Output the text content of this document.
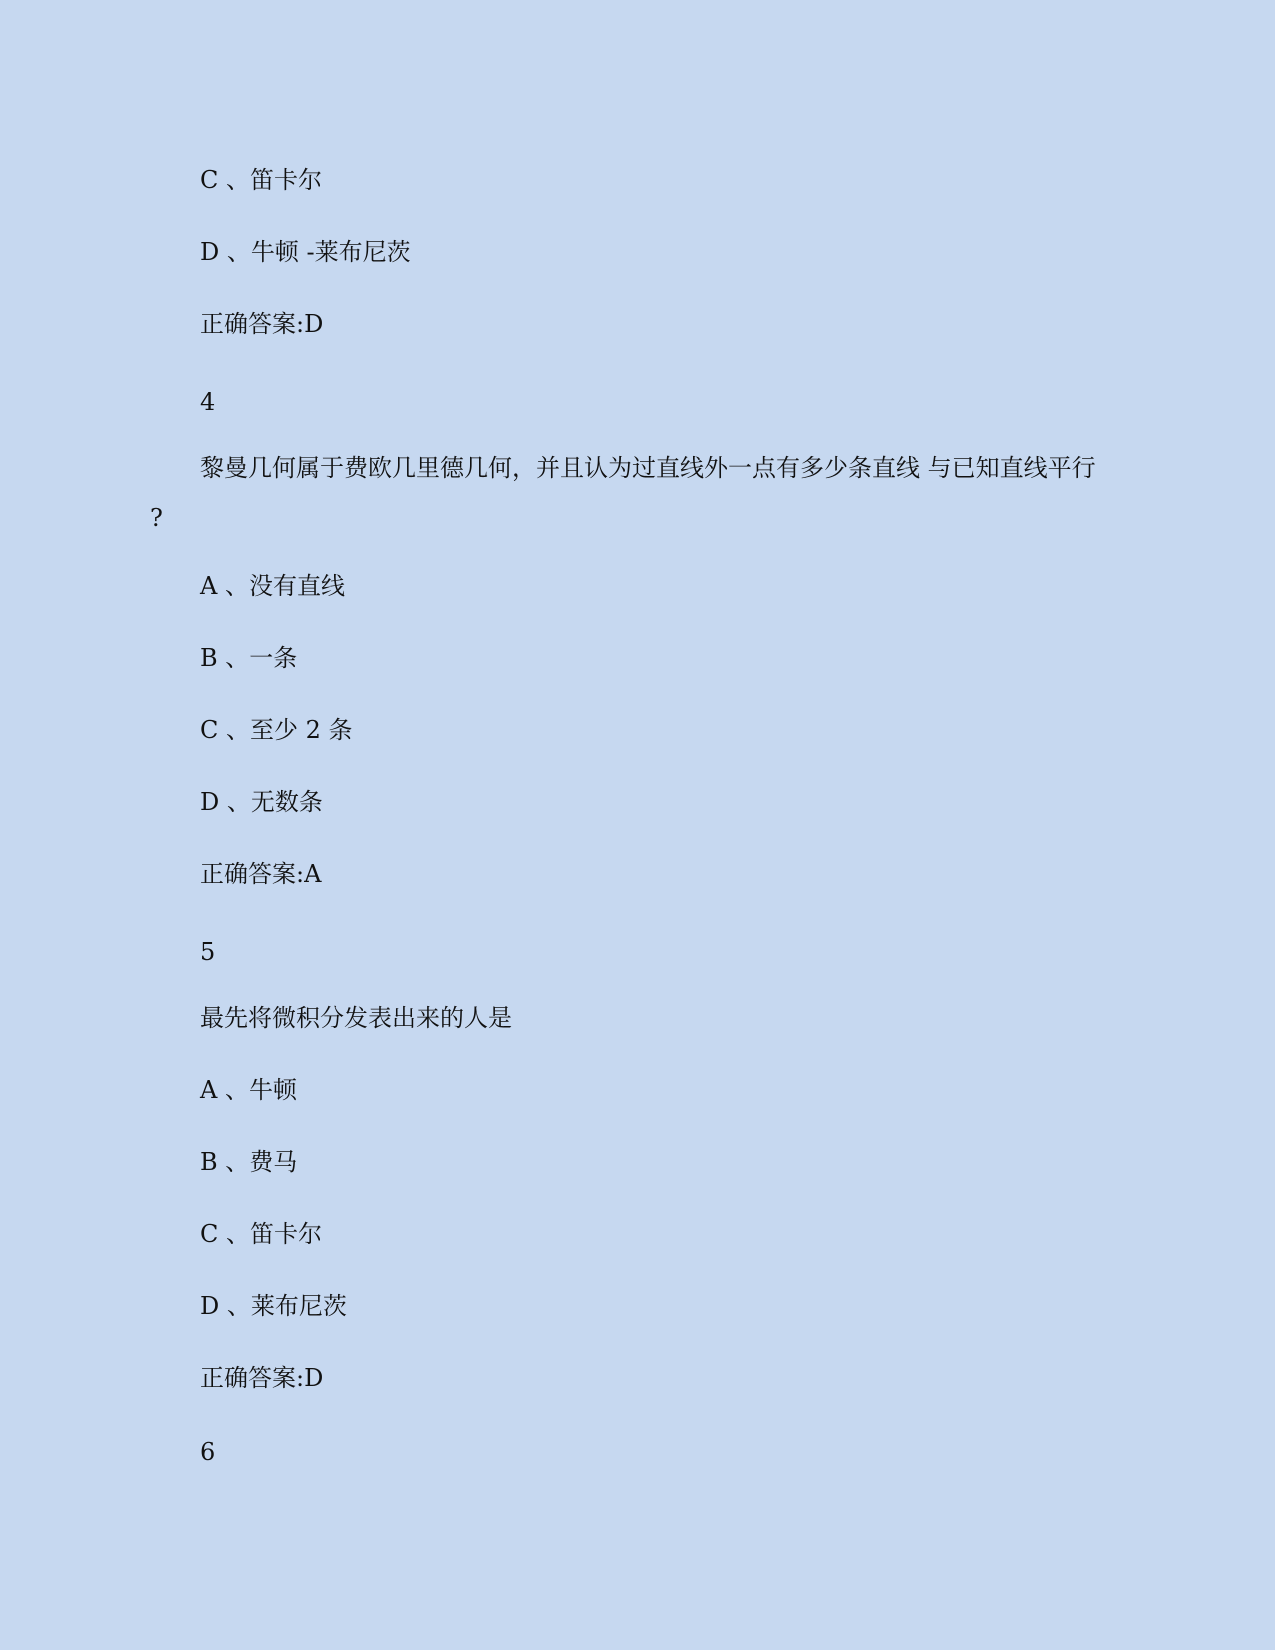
C 、笛卡尔
D 、牛顿 -莱布尼茨
正确答案:D
4
黎曼几何属于费欧几里德几何，并且认为过直线外一点有多少条直线 与已知直线平行
?
A 、没有直线
B 、一条
C 、至少 2 条
D 、无数条
正确答案:A
5
最先将微积分发表出来的人是
A 、牛顿
B 、费马
C 、笛卡尔
D 、莱布尼茨
正确答案:D
6
